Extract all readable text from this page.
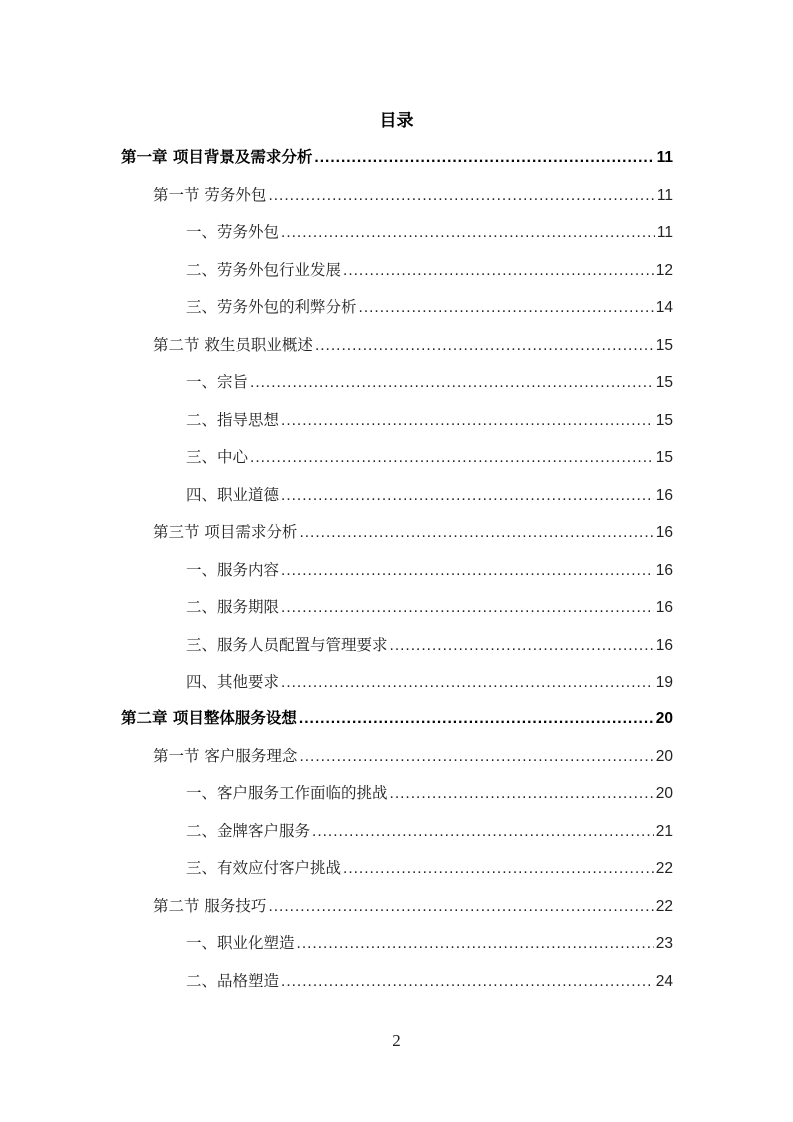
目录
第一章 项目背景及需求分析 .....	11
第一节 劳务外包 .....	11
一、劳务外包 .....	11
二、劳务外包行业发展 .....	12
三、劳务外包的利弊分析 .....	14
第二节 救生员职业概述 .....	15
一、宗旨 .....	15
二、指导思想 .....	15
三、中心 .....	15
四、职业道德 .....	16
第三节 项目需求分析 .....	16
一、服务内容 .....	16
二、服务期限 .....	16
三、服务人员配置与管理要求 .....	16
四、其他要求 .....	19
第二章 项目整体服务设想 .....	20
第一节 客户服务理念 .....	20
一、客户服务工作面临的挑战 .....	20
二、金牌客户服务 .....	21
三、有效应付客户挑战 .....	22
第二节 服务技巧 .....	22
一、职业化塑造 .....	23
二、品格塑造 .....	24
2
